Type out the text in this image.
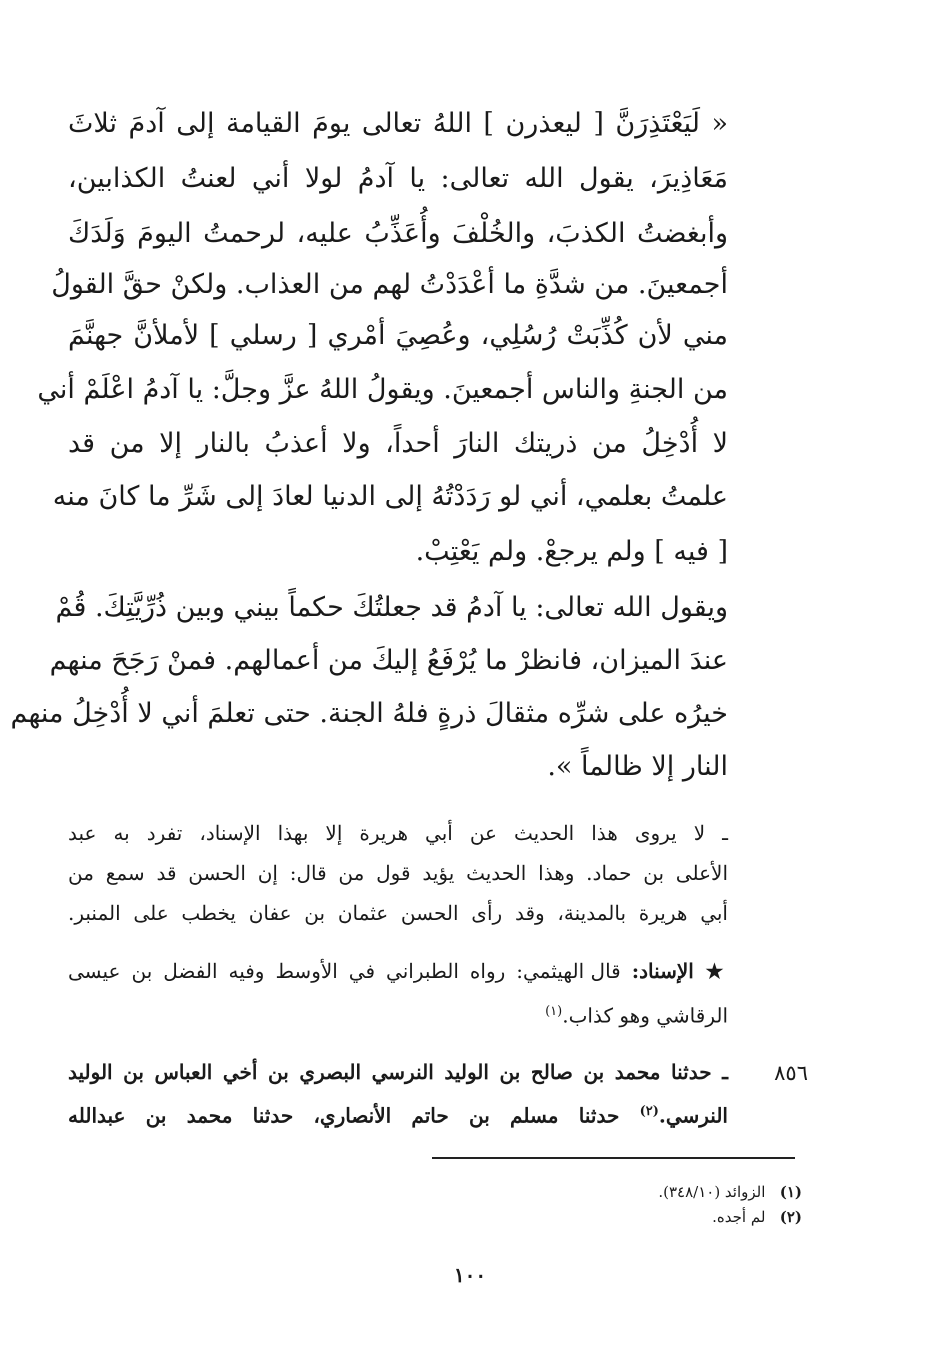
« لَيَعْتَذِرَنَّ [ ليعذرن ] اللهُ تعالى يومَ القيامة إلى آدمَ ثلاثَ
مَعَاذِيرَ، يقول الله تعالى: يا آدمُ لولا أني لعنتُ الكذابين،
وأبغضتُ الكذبَ، والخُلْفَ وأُعَذِّبُ عليه، لرحمتُ اليومَ وَلَدَكَ
أجمعينَ. من شدَّةِ ما أعْدَدْتُ لهم من العذاب. ولكنْ حقَّ القولُ
مني لأن كُذِّبَتْ رُسُلِي، وعُصِيَ أمْري [ رسلي ] لأملأنَّ جهنَّمَ
من الجنةِ والناس أجمعينَ. ويقولُ اللهُ عزَّ وجلَّ: يا آدمُ اعْلَمْ أني
لا أُدْخِلُ من ذريتك النارَ أحداً، ولا أعذبُ بالنار إلا من قد
علمتُ بعلمي، أني لو رَدَدْتُهُ إلى الدنيا لعادَ إلى شَرِّ ما كانَ منه
[ فيه ] ولم يرجعْ. ولم يَعْتِبْ.
ويقول الله تعالى: يا آدمُ قد جعلتُكَ حكماً بيني وبين ذُرِّيَّتِكَ. قُمْ
عندَ الميزان، فانظرْ ما يُرْفَعُ إليكَ من أعمالهم. فمنْ رَجَحَ منهم
خيرُه على شرِّه مثقالَ ذرةٍ فلهُ الجنة. حتى تعلمَ أني لا أُدْخِلُ منهم
النار إلا ظالماً ».
ـ لا يروى هذا الحديث عن أبي هريرة إلا بهذا الإسناد، تفرد به عبد
الأعلى بن حماد. وهذا الحديث يؤيد قول من قال: إن الحسن قد سمع من
أبي هريرة بالمدينة، وقد رأى الحسن عثمان بن عفان يخطب على المنبر.
★ الإسناد: قال الهيثمي: رواه الطبراني في الأوسط وفيه الفضل بن عيسى
الرقاشي وهو كذاب.$^{(١)}$
٨٥٦
ـ حدثنا محمد بن صالح بن الوليد النرسي البصري بن أخي العباس بن الوليد
النرسي.$^{(٢)}$ حدثنا مسلم بن حاتم الأنصاري، حدثنا محمد بن عبدالله
(١)   الزوائد (٣٤٨/١٠).
(٢)   لم أجده.
١٠٠
